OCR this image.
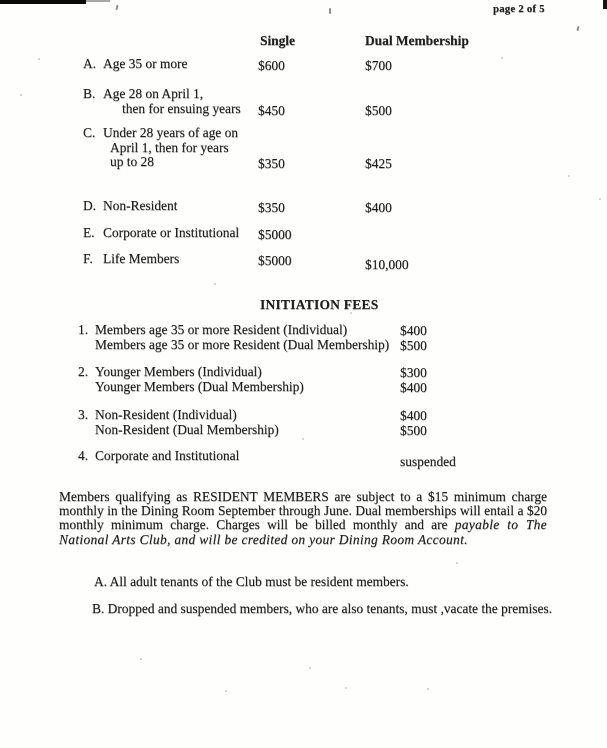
page 2 of 5
Single	Dual Membership
A. Age 35 or more	$600	$700
B. Age 28 on April 1,
then for ensuing years	$450	$500
C. Under 28 years of age on
April 1, then for years
up to 28	$350	$425
D. Non-Resident	$350	$400
E. Corporate or Institutional	$5000
F. Life Members	$5000	$10,000
INITIATION FEES
1. Members age 35 or more Resident (Individual)	$400
Members age 35 or more Resident (Dual Membership) $500
2. Younger Members (Individual)	$300
Younger Members (Dual Membership)	$400
3. Non-Resident (Individual)	$400
Non-Resident (Dual Membership)	$500
4. Corporate and Institutional	suspended

Members qualifying as RESIDENT MEMBERS are subject to a $15 minimum charge monthly in the Dining Room September through June. Dual memberships will entail a $20 monthly minimum charge. Charges will be billed monthly and are payable to The National Arts Club, and will be credited on your Dining Room Account.

A. All adult tenants of the Club must be resident members.

B. Dropped and suspended members, who are also tenants, must ,vacate the premises.
